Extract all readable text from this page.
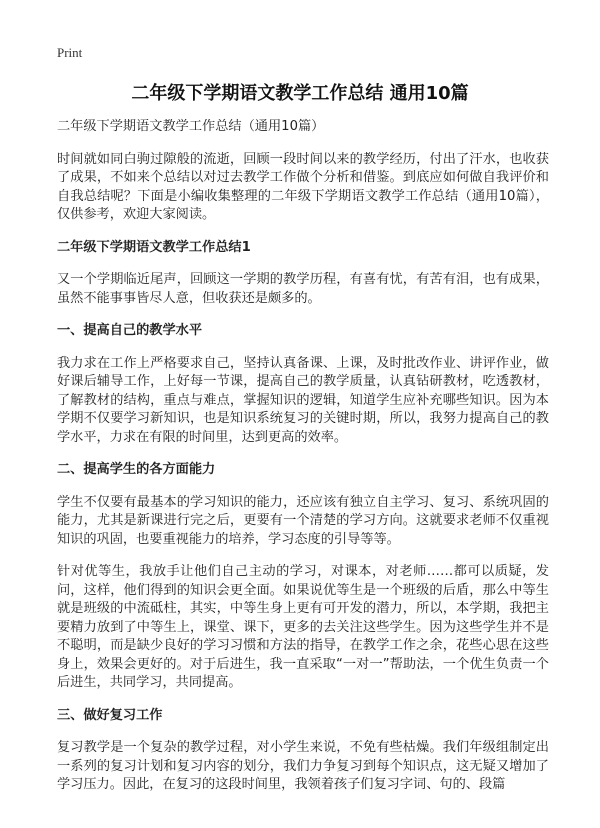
Print
二年级下学期语文教学工作总结 通用10篇

二年级下学期语文教学工作总结（通用10篇）

时间就如同白驹过隙般的流逝，回顾一段时间以来的教学经历，付出了汗水，也收获了成果，不如来个总结以对过去教学工作做个分析和借鉴。到底应如何做自我评价和自我总结呢？下面是小编收集整理的二年级下学期语文教学工作总结（通用10篇），仅供参考，欢迎大家阅读。

二年级下学期语文教学工作总结1

又一个学期临近尾声，回顾这一学期的教学历程，有喜有忧，有苦有泪，也有成果，虽然不能事事皆尽人意，但收获还是颇多的。

一、提高自己的教学水平

我力求在工作上严格要求自己，坚持认真备课、上课，及时批改作业、讲评作业，做好课后辅导工作，上好每一节课，提高自己的教学质量，认真钻研教材，吃透教材，了解教材的结构，重点与难点，掌握知识的逻辑，知道学生应补充哪些知识。因为本学期不仅要学习新知识，也是知识系统复习的关键时期，所以，我努力提高自己的教学水平，力求在有限的时间里，达到更高的效率。

二、提高学生的各方面能力

学生不仅要有最基本的学习知识的能力，还应该有独立自主学习、复习、系统巩固的能力，尤其是新课进行完之后，更要有一个清楚的学习方向。这就要求老师不仅重视知识的巩固，也要重视能力的培养，学习态度的引导等等。

针对优等生，我放手让他们自己主动的学习，对课本，对老师……都可以质疑，发问，这样，他们得到的知识会更全面。如果说优等生是一个班级的后盾，那么中等生就是班级的中流砥柱，其实，中等生身上更有可开发的潜力，所以，本学期，我把主要精力放到了中等生上，课堂、课下，更多的去关注这些学生。因为这些学生并不是不聪明，而是缺少良好的学习习惯和方法的指导，在教学工作之余，花些心思在这些身上，效果会更好的。对于后进生，我一直采取“一对一”帮助法，一个优生负责一个后进生，共同学习，共同提高。

三、做好复习工作

复习教学是一个复杂的教学过程，对小学生来说，不免有些枯燥。我们年级组制定出一系列的复习计划和复习内容的划分，我们力争复习到每个知识点，这无疑又增加了学习压力。因此，在复习的这段时间里，我领着孩子们复习字词、句的、段篇
